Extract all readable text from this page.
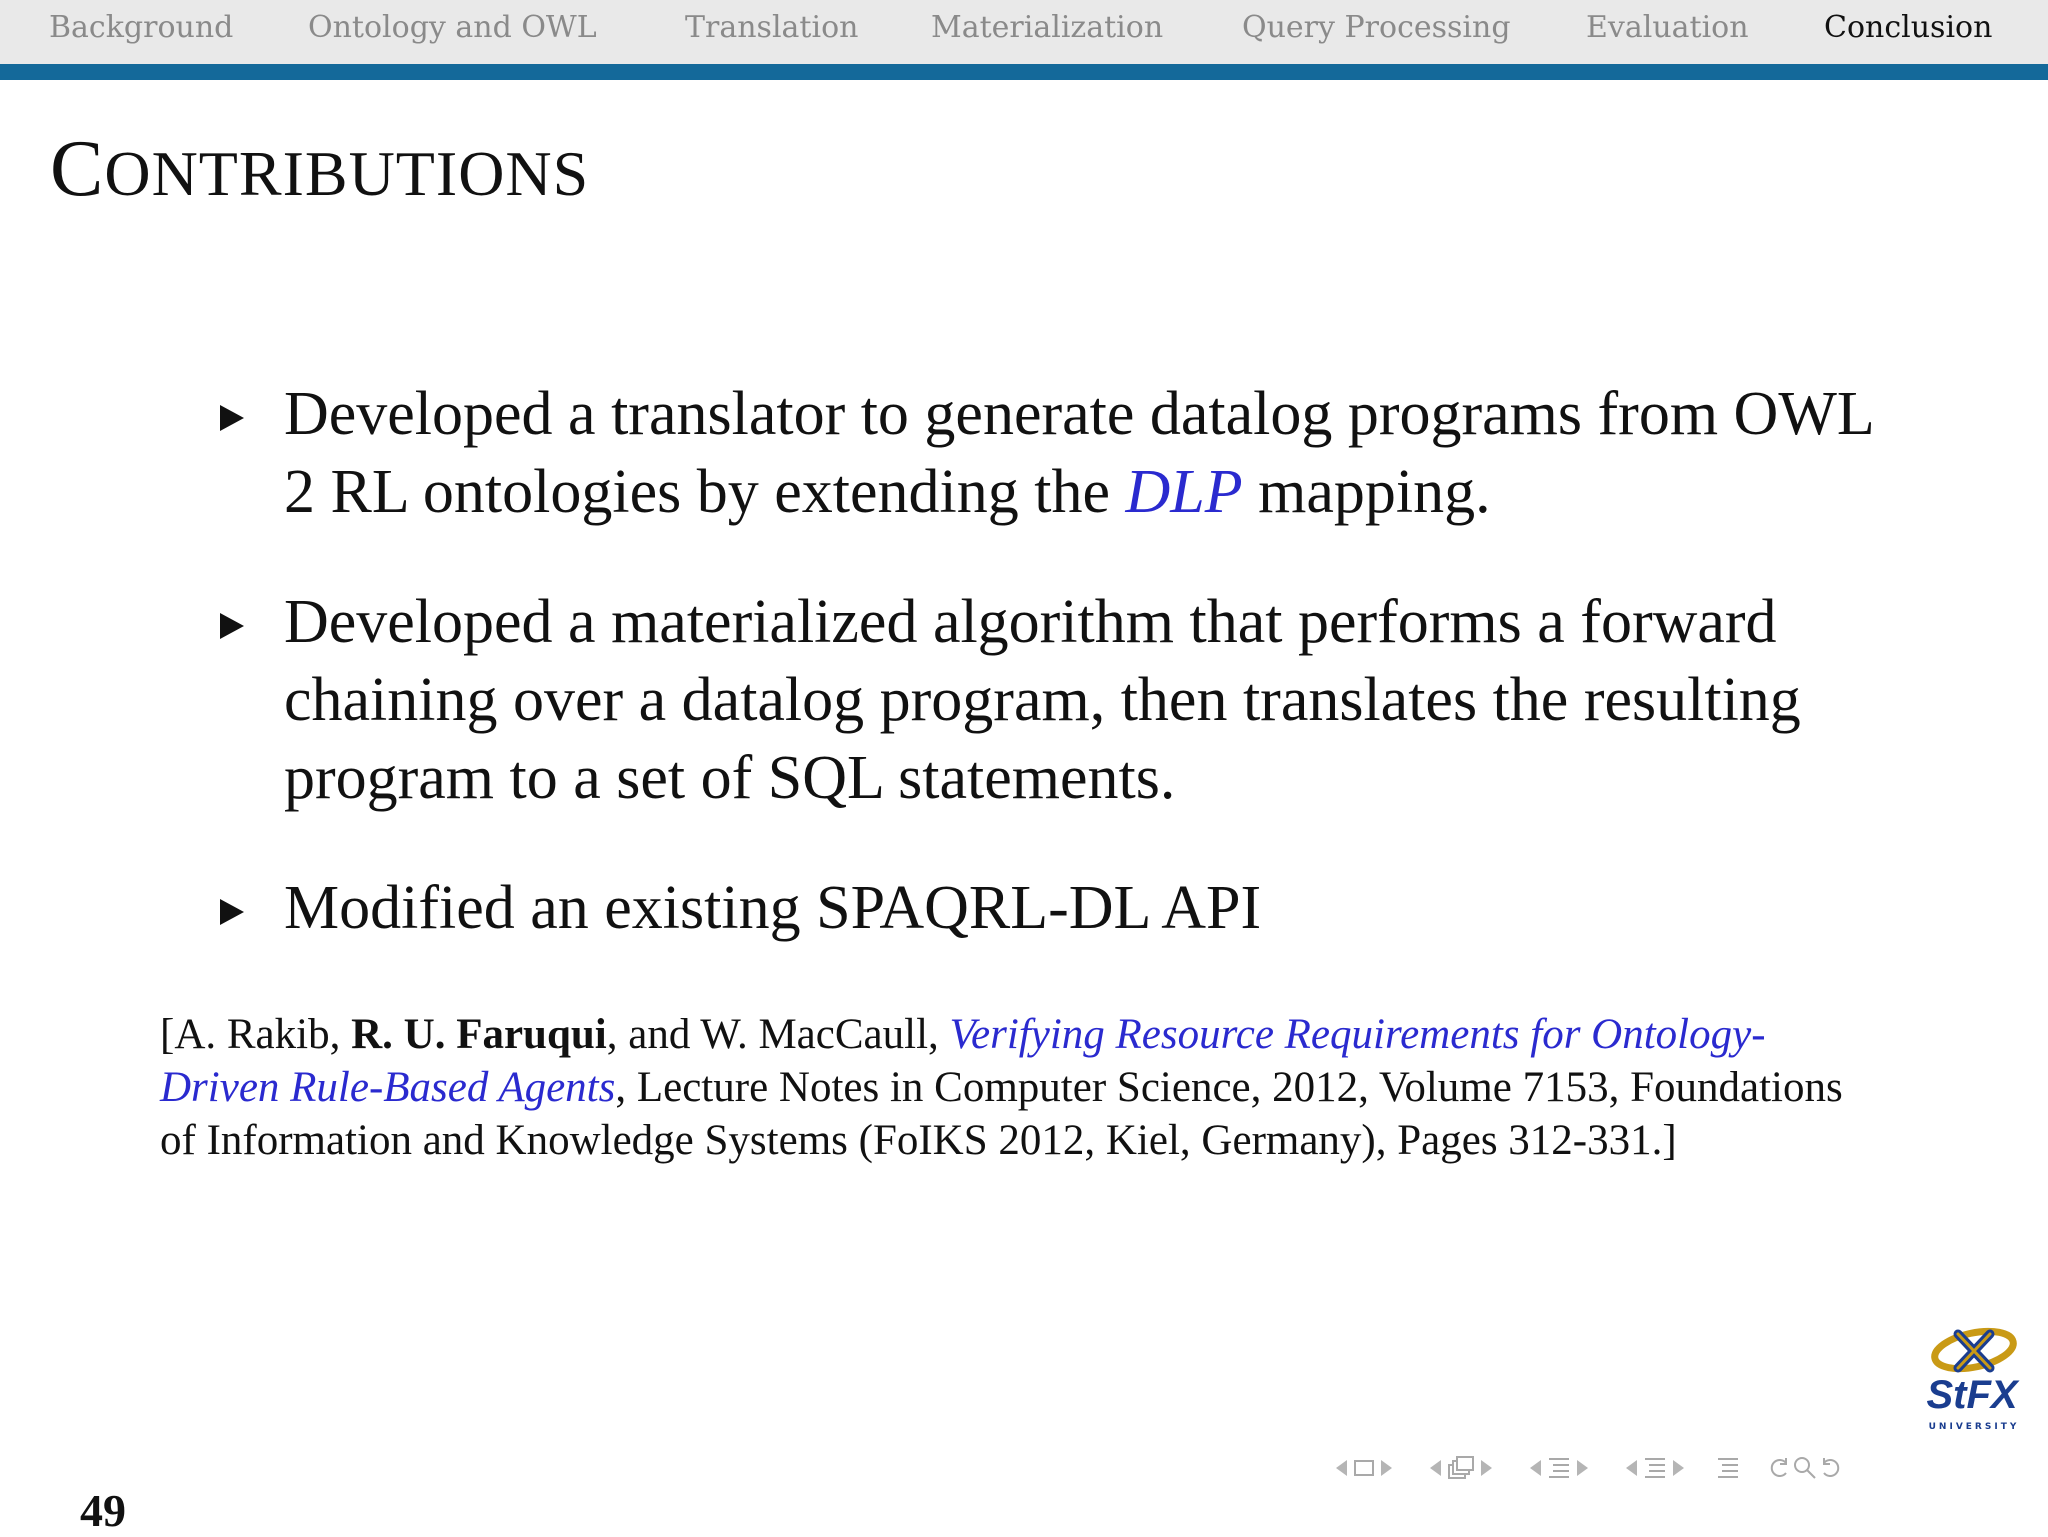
Background Ontology and OWL	Translation Materialization	Query Processing	Evaluation	Conclusion
CONTRIBUTIONS
Developed a translator to generate datalog programs from OWL 2 RL ontologies by extending the DLP mapping.
Developed a materialized algorithm that performs a forward chaining over a datalog program, then translates the resulting program to a set of SQL statements.
Modified an existing SPAQRL-DL API
[A. Rakib, R. U. Faruqui, and W. MacCaull, Verifying Resource Requirements for Ontology-Driven Rule-Based Agents, Lecture Notes in Computer Science, 2012, Volume 7153, Foundations of Information and Knowledge Systems (FoIKS 2012, Kiel, Germany), Pages 312-331.]
49
StFX
UNIVERSITY
